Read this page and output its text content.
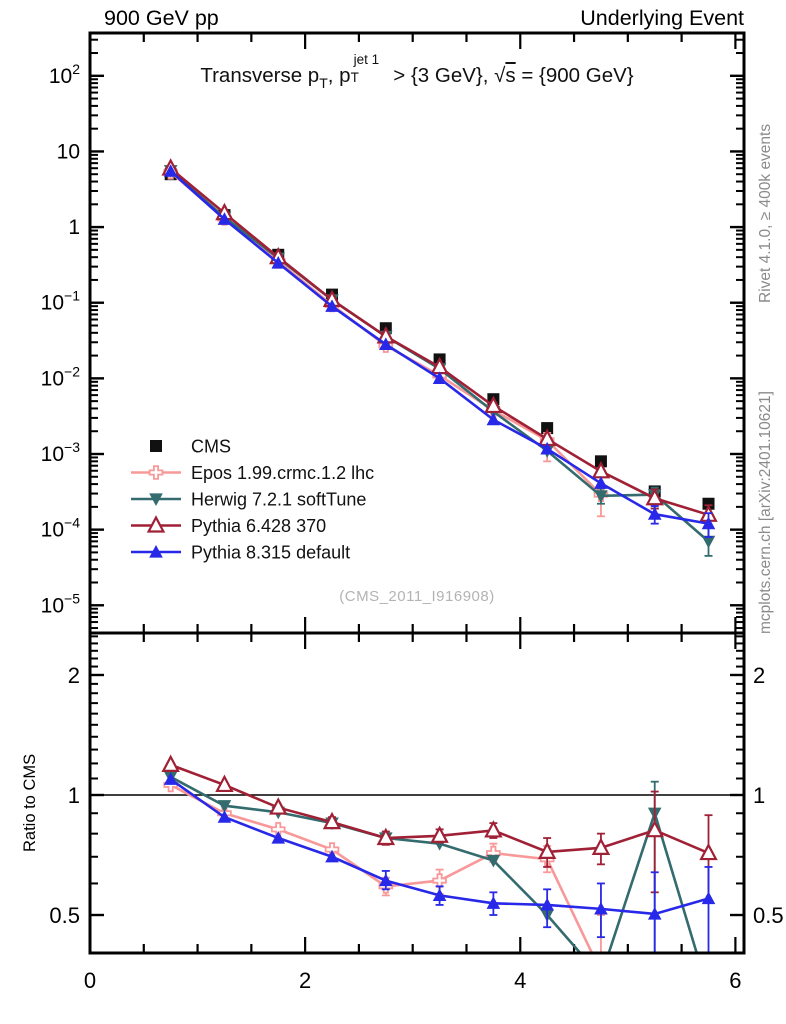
$10^2$
10
1
$10^{-1}$
$10^{-2}$
$10^{-3}$
$10^{-4}$
$10^{-5}$
2	2
1	1
0.5	0.5
0	2	4	6
CMS
Epos 1.99.crmc.1.2 lhc
Herwig 7.2.1 softTune
Pythia 6.428 370
Pythia 8.315 default
900 GeV pp	Underlying Event
Transverse $p_T$, p
jet 1
T > {3 GeV}, √s = {900 GeV}
(CMS_2011_I916908)
Rivet 4.1.0, ≥ 400k events
mcplots.cern.ch [arXiv:2401.10621]
Ratio to CMS
